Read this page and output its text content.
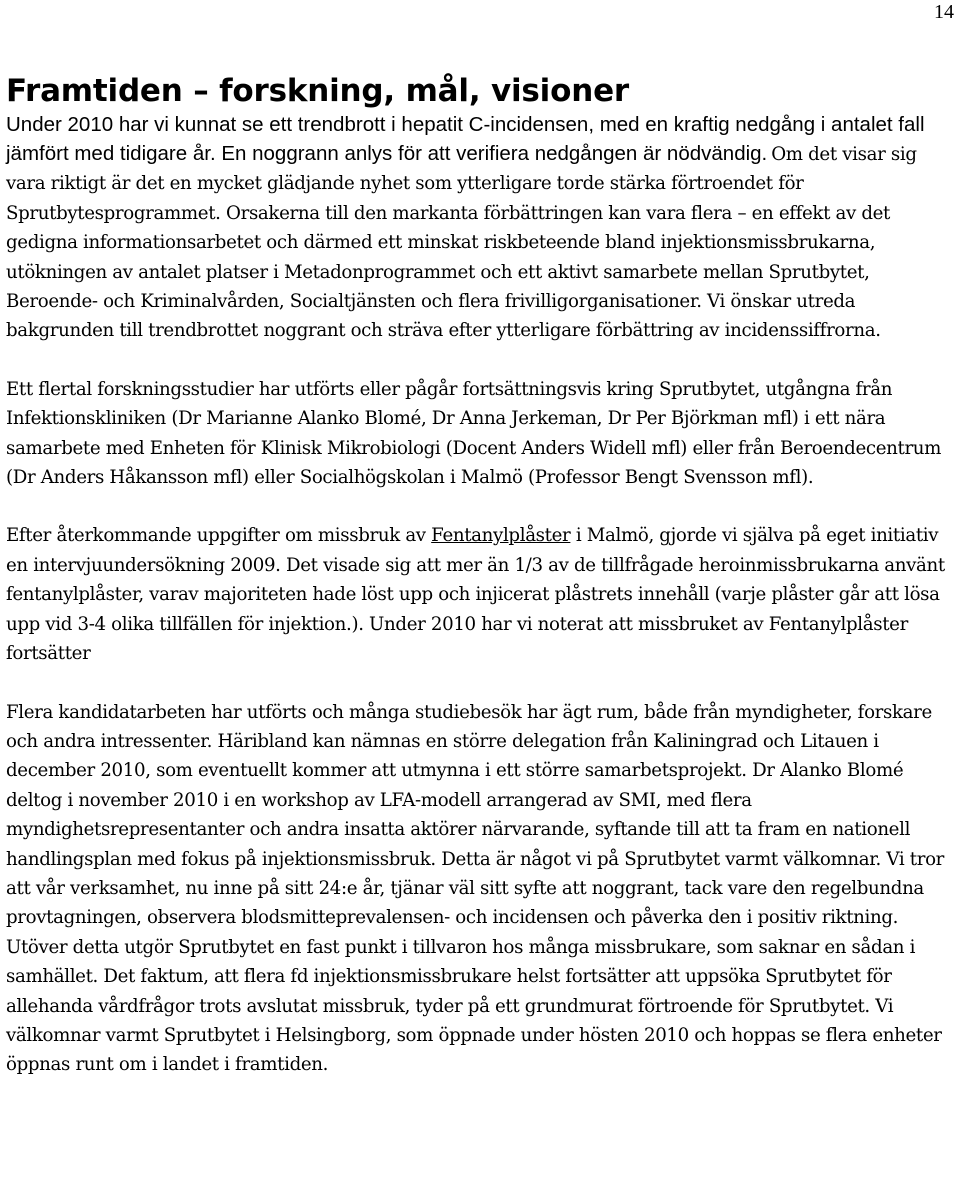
14
Framtiden – forskning, mål, visioner

Under 2010 har vi kunnat se ett trendbrott i hepatit C-incidensen, med en kraftig nedgång i antalet fall jämfört med tidigare år. En noggrann anlys för att verifiera nedgången är nödvändig. Om det visar sig vara riktigt är det en mycket glädjande nyhet som ytterligare torde stärka förtroendet för Sprutbytesprogrammet. Orsakerna till den markanta förbättringen kan vara flera – en effekt av det gedigna informationsarbetet och därmed ett minskat riskbeteende bland injektionsmissbrukarna, utökningen av antalet platser i Metadonprogrammet och ett aktivt samarbete mellan Sprutbytet, Beroende- och Kriminalvården, Socialtjänsten och flera frivilligorganisationer. Vi önskar utreda bakgrunden till trendbrottet noggrant och sträva efter ytterligare förbättring av incidenssiffrorna.

Ett flertal forskningsstudier har utförts eller pågår fortsättningsvis kring Sprutbytet, utgångna från Infektionskliniken (Dr Marianne Alanko Blomé, Dr Anna Jerkeman, Dr Per Björkman mfl) i ett nära samarbete med Enheten för Klinisk Mikrobiologi (Docent Anders Widell mfl) eller från Beroendecentrum (Dr Anders Håkansson mfl) eller Socialhögskolan i Malmö (Professor Bengt Svensson mfl).

Efter återkommande uppgifter om missbruk av Fentanylplåster i Malmö, gjorde vi själva på eget initiativ en intervjuundersökning 2009. Det visade sig att mer än 1/3 av de tillfrågade heroinmissbrukarna använt fentanylplåster, varav majoriteten hade löst upp och injicerat plåstrets innehåll (varje plåster går att lösa upp vid 3-4 olika tillfällen för injektion.). Under 2010 har vi noterat att missbruket av Fentanylplåster fortsätter

Flera kandidatarbeten har utförts och många studiebesök har ägt rum, både från myndigheter, forskare och andra intressenter. Häribland kan nämnas en större delegation från Kaliningrad och Litauen i december 2010, som eventuellt kommer att utmynna i ett större samarbetsprojekt. Dr Alanko Blomé deltog i november 2010 i en workshop av LFA-modell arrangerad av SMI, med flera myndighetsrepresentanter och andra insatta aktörer närvarande, syftande till att ta fram en nationell handlingsplan med fokus på injektionsmissbruk. Detta är något vi på Sprutbytet varmt välkomnar. Vi tror att vår verksamhet, nu inne på sitt 24:e år, tjänar väl sitt syfte att noggrant, tack vare den regelbundna provtagningen, observera blodsmitteprevalensen- och incidensen och påverka den i positiv riktning. Utöver detta utgör Sprutbytet en fast punkt i tillvaron hos många missbrukare, som saknar en sådan i samhället. Det faktum, att flera fd injektionsmissbrukare helst fortsätter att uppsöka Sprutbytet för allehanda vårdfrågor trots avslutat missbruk, tyder på ett grundmurat förtroende för Sprutbytet. Vi välkomnar varmt Sprutbytet i Helsingborg, som öppnade under hösten 2010 och hoppas se flera enheter öppnas runt om i landet i framtiden.
